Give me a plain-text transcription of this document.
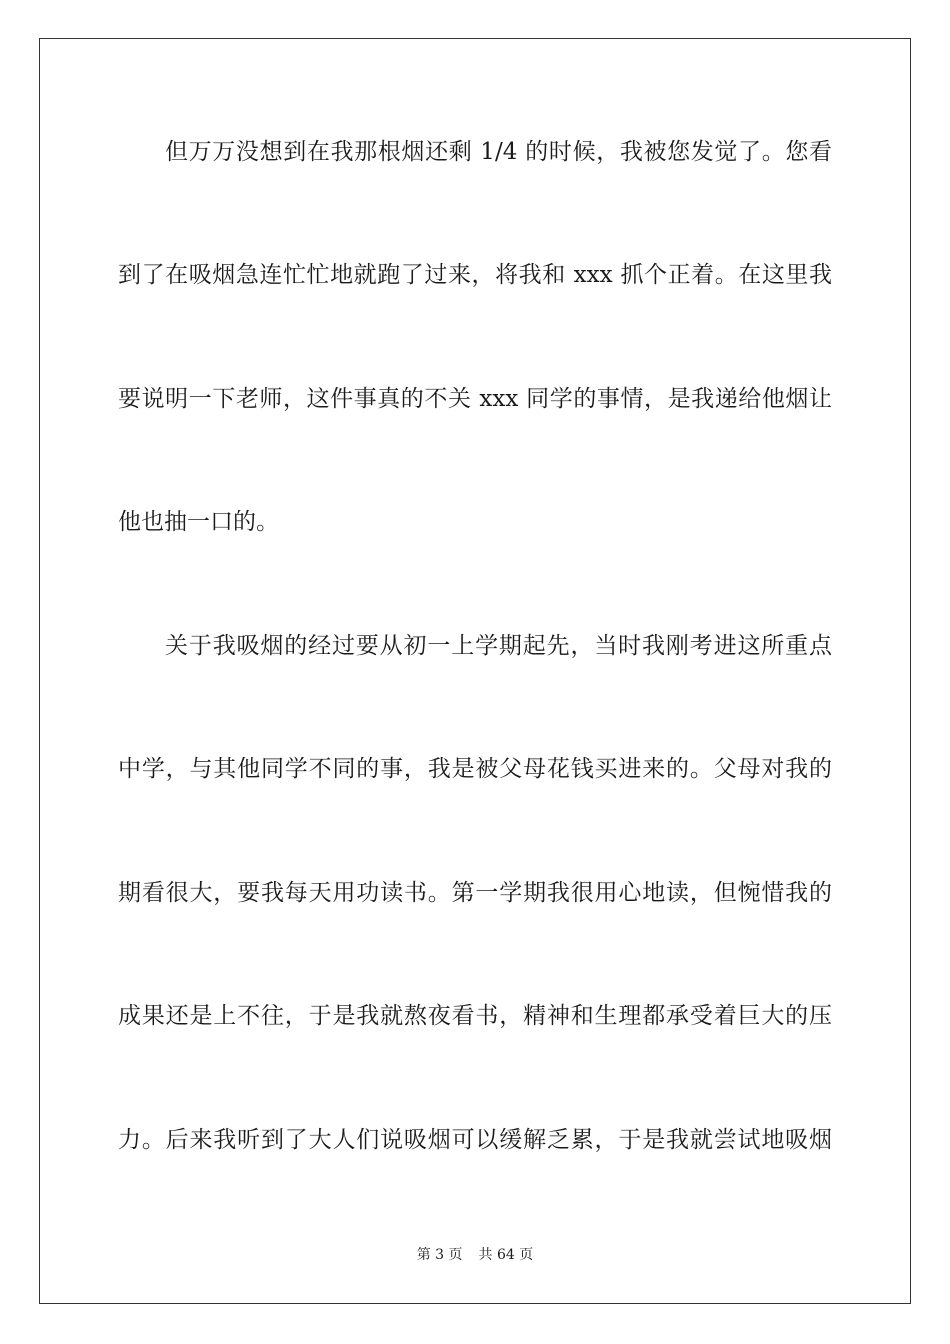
但万万没想到在我那根烟还剩 1/4 的时候，我被您发觉了。您看
到了在吸烟急连忙忙地就跑了过来，将我和 xxx 抓个正着。在这里我
要说明一下老师，这件事真的不关 xxx 同学的事情，是我递给他烟让
他也抽一口的。
关于我吸烟的经过要从初一上学期起先，当时我刚考进这所重点
中学，与其他同学不同的事，我是被父母花钱买进来的。父母对我的
期看很大，要我每天用功读书。第一学期我很用心地读，但惋惜我的
成果还是上不往，于是我就熬夜看书，精神和生理都承受着巨大的压
力。后来我听到了大人们说吸烟可以缓解乏累，于是我就尝试地吸烟
第 3 页 共 64 页
